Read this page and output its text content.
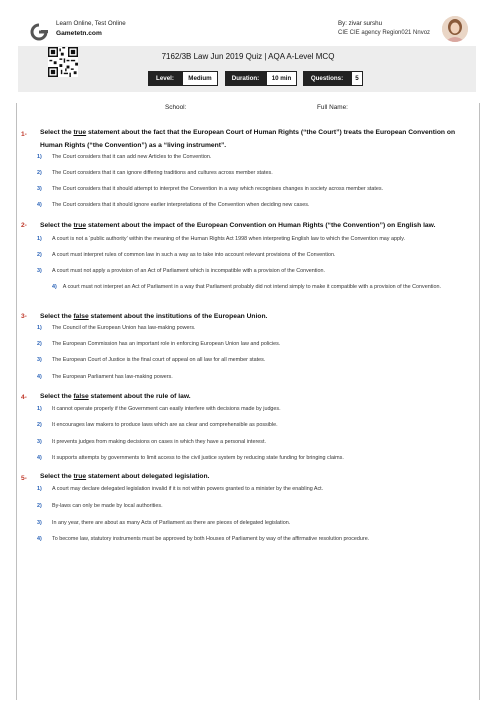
Learn Online, Test Online
Gametetn.com
By: zivar surshu
CIE CIE agency Region021 Nnvoz
7162/3B Law Jun 2019 Quiz | AQA A-Level MCQ
Level:	Medium	Duration:	10 min	Questions:	5
School:	Full Name:
1- Select the true statement about the fact that the European Court of Human Rights (“the Court”) treats the European Convention on Human Rights (“the Convention”) as a “living instrument”.
1) The Court considers that it can add new Articles to the Convention.
2) The Court considers that it can ignore differing traditions and cultures across member states.
3) The Court considers that it should attempt to interpret the Convention in a way which recognises changes in society across member states.
4) The Court considers that it should ignore earlier interpretations of the Convention when deciding new cases.
2- Select the true statement about the impact of the European Convention on Human Rights (“the Convention”) on English law.
1) A court is not a ‘public authority’ within the meaning of the Human Rights Act 1998 when interpreting English law to which the Convention may apply.
2) A court must interpret rules of common law in such a way as to take into account relevant provisions of the Convention.
3) A court must not apply a provision of an Act of Parliament which is incompatible with a provision of the Convention.
4) A court must not interpret an Act of Parliament in a way that Parliament probably did not intend simply to make it compatible with a provision of the Convention.
3- Select the false statement about the institutions of the European Union.
1) The Council of the European Union has law-making powers.
2) The European Commission has an important role in enforcing European Union law and policies.
3) The European Court of Justice is the final court of appeal on all law for all member states.
4) The European Parliament has law-making powers.
4- Select the false statement about the rule of law.
1) It cannot operate properly if the Government can easily interfere with decisions made by judges.
2) It encourages law makers to produce laws which are as clear and comprehensible as possible.
3) It prevents judges from making decisions on cases in which they have a personal interest.
4) It supports attempts by governments to limit access to the civil justice system by reducing state funding for bringing claims.
5- Select the true statement about delegated legislation.
1) A court may declare delegated legislation invalid if it is not within powers granted to a minister by the enabling Act.
2) By-laws can only be made by local authorities.
3) In any year, there are about as many Acts of Parliament as there are pieces of delegated legislation.
4) To become law, statutory instruments must be approved by both Houses of Parliament by way of the affirmative resolution procedure.
